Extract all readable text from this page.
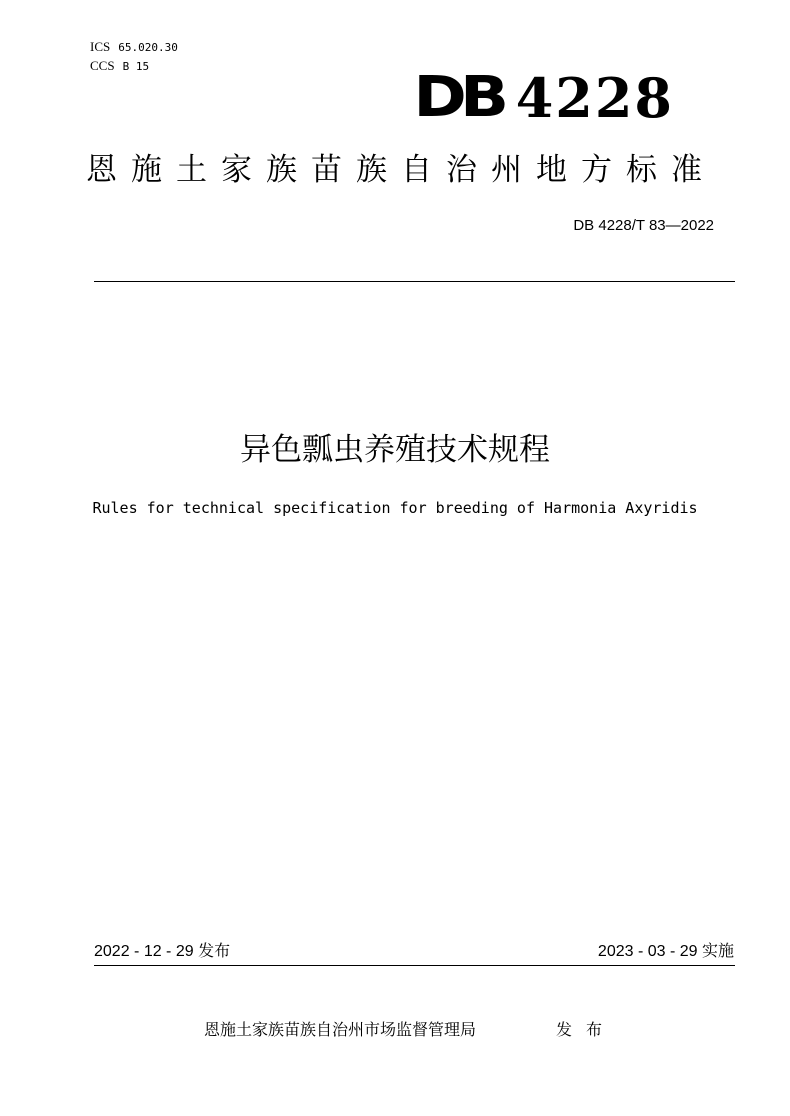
ICS 65.020.30
CCS B 15	DB 4228
恩施土家族苗族自治州地方标准
DB 4228/T 83—2022
异色瓢虫养殖技术规程
Rules for technical specification for breeding of Harmonia Axyridis
2022 - 12 - 29 发布	2023 - 03 - 29 实施
恩施土家族苗族自治州市场监督管理局	发布
